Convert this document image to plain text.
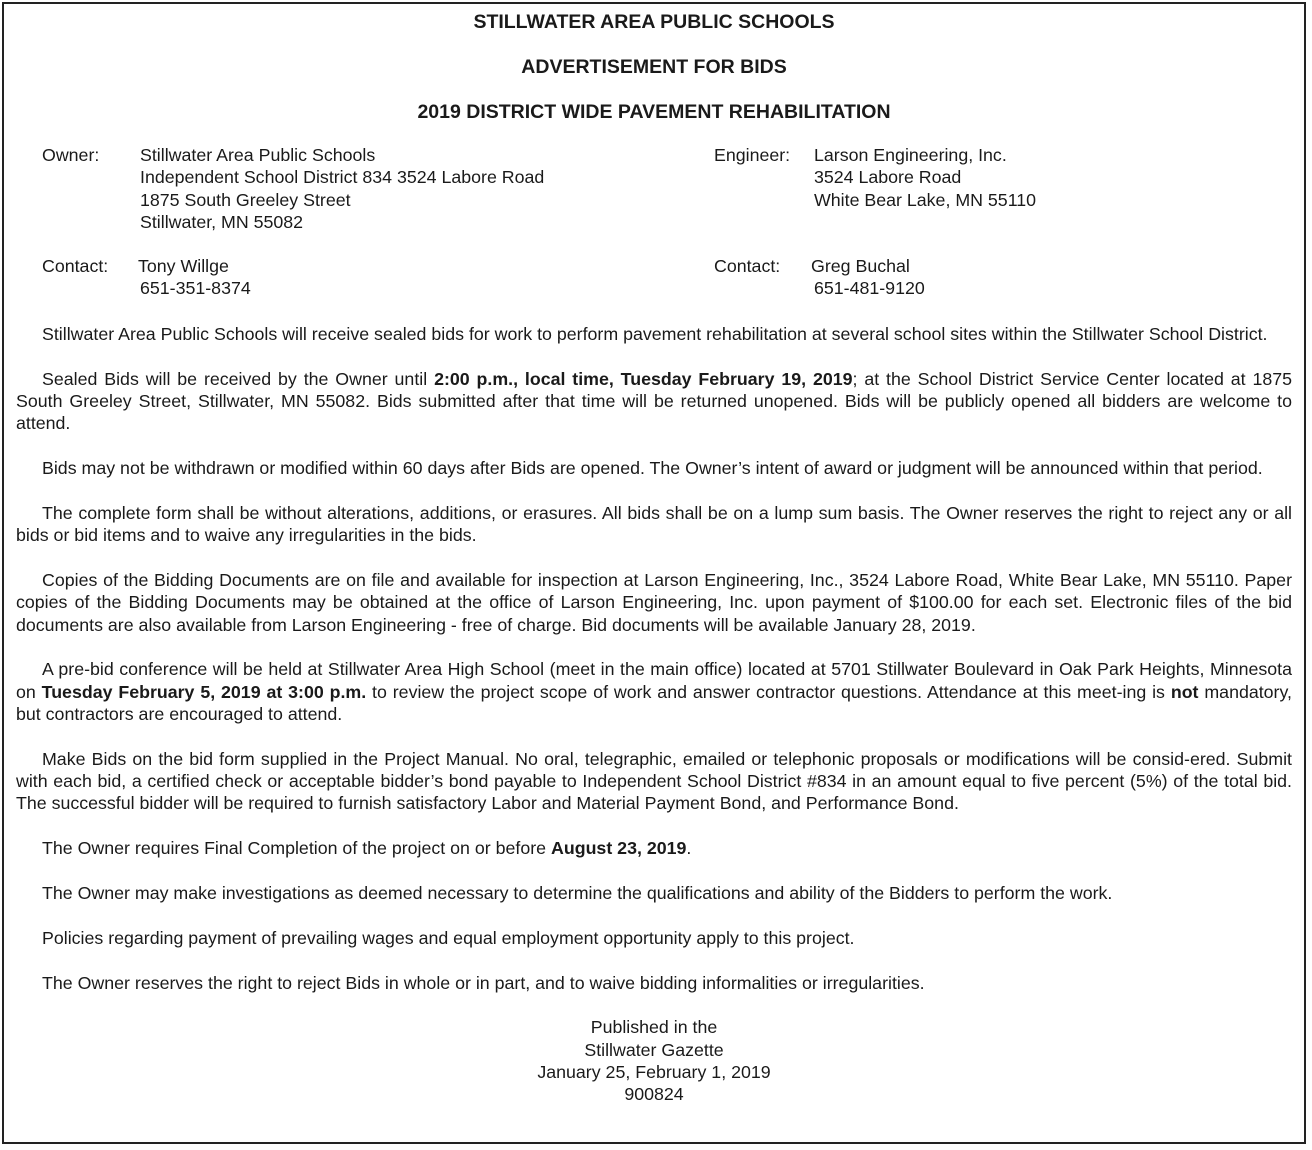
STILLWATER AREA PUBLIC SCHOOLS
ADVERTISEMENT FOR BIDS
2019 DISTRICT WIDE PAVEMENT REHABILITATION
Owner: Stillwater Area Public Schools
Independent School District 834 3524 Labore Road
1875 South Greeley Street
Stillwater, MN 55082
Engineer: Larson Engineering, Inc.
3524 Labore Road
White Bear Lake, MN 55110
Contact: Tony Willge
651-351-8374
Contact: Greg Buchal
651-481-9120

Stillwater Area Public Schools will receive sealed bids for work to perform pavement rehabilitation at several school sites within the Stillwater School District.

Sealed Bids will be received by the Owner until 2:00 p.m., local time, Tuesday February 19, 2019; at the School District Service Center located at 1875 South Greeley Street, Stillwater, MN 55082. Bids submitted after that time will be returned unopened. Bids will be publicly opened all bidders are welcome to attend.

Bids may not be withdrawn or modified within 60 days after Bids are opened. The Owner’s intent of award or judgment will be announced within that period.

The complete form shall be without alterations, additions, or erasures. All bids shall be on a lump sum basis. The Owner reserves the right to reject any or all bids or bid items and to waive any irregularities in the bids.

Copies of the Bidding Documents are on file and available for inspection at Larson Engineering, Inc., 3524 Labore Road, White Bear Lake, MN 55110. Paper copies of the Bidding Documents may be obtained at the office of Larson Engineering, Inc. upon payment of $100.00 for each set. Electronic files of the bid documents are also available from Larson Engineering - free of charge. Bid documents will be available January 28, 2019.

A pre-bid conference will be held at Stillwater Area High School (meet in the main office) located at 5701 Stillwater Boulevard in Oak Park Heights, Minnesota on Tuesday February 5, 2019 at 3:00 p.m. to review the project scope of work and answer contractor questions. Attendance at this meet-ing is not mandatory, but contractors are encouraged to attend.

Make Bids on the bid form supplied in the Project Manual. No oral, telegraphic, emailed or telephonic proposals or modifications will be consid-ered. Submit with each bid, a certified check or acceptable bidder’s bond payable to Independent School District #834 in an amount equal to five percent (5%) of the total bid. The successful bidder will be required to furnish satisfactory Labor and Material Payment Bond, and Performance Bond.

The Owner requires Final Completion of the project on or before August 23, 2019.

The Owner may make investigations as deemed necessary to determine the qualifications and ability of the Bidders to perform the work.

Policies regarding payment of prevailing wages and equal employment opportunity apply to this project.

The Owner reserves the right to reject Bids in whole or in part, and to waive bidding informalities or irregularities.

Published in the
Stillwater Gazette
January 25, February 1, 2019
900824
